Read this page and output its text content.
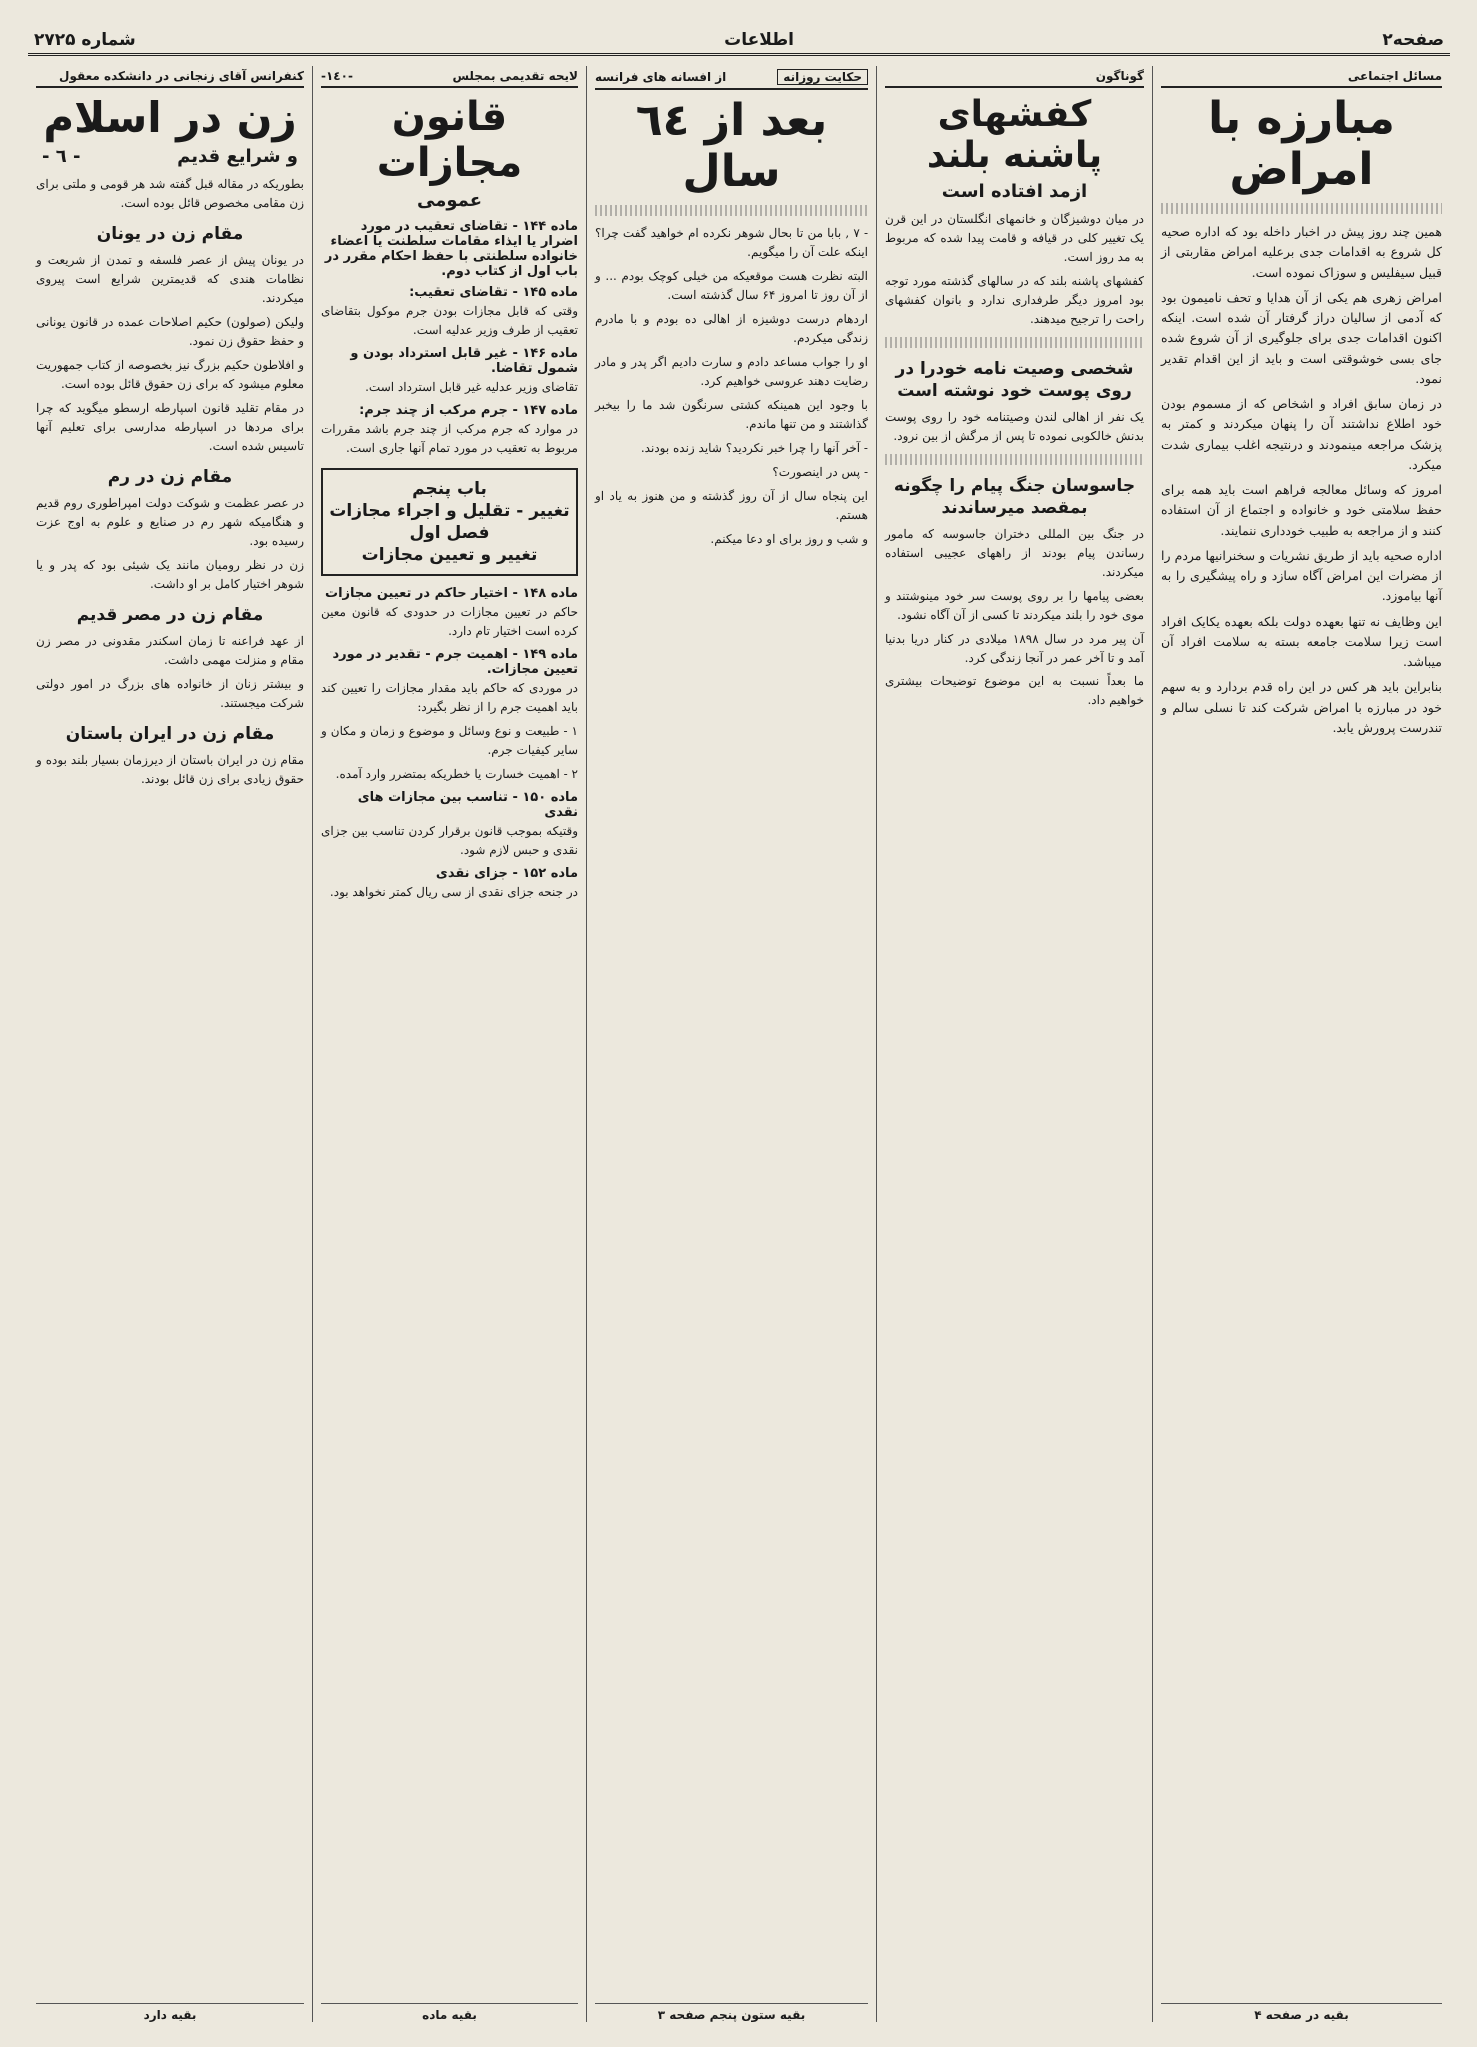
صفحه۲
اطلاعات
شماره ۲۷۲۵
مسائل اجتماعی
مبارزه با امراض

همین چند روز پیش در اخبار داخله بود که اداره صحیه کل شروع به اقدامات جدی برعلیه امراض مقاربتی از قبیل سیفلیس و سوزاک نموده است.

امراض زهری هم یکی از آن هدایا و تحف نامیمون بود که آدمی از سالیان دراز گرفتار آن شده است. اینکه اکنون اقدامات جدی برای جلوگیری از آن شروع شده جای بسی خوشوقتی است و باید از این اقدام تقدیر نمود.

در زمان سابق افراد و اشخاص که از مسموم بودن خود اطلاع نداشتند آن را پنهان میکردند و کمتر به پزشک مراجعه مینمودند و درنتیجه اغلب بیماری شدت میکرد.

امروز که وسائل معالجه فراهم است باید همه برای حفظ سلامتی خود و خانواده و اجتماع از آن استفاده کنند و از مراجعه به طبیب خودداری ننمایند.

اداره صحیه باید از طریق نشریات و سخنرانیها مردم را از مضرات این امراض آگاه سازد و راه پیشگیری را به آنها بیاموزد.

این وظایف نه تنها بعهده دولت بلکه بعهده یکایک افراد است زیرا سلامت جامعه بسته به سلامت افراد آن میباشد.

بنابراین باید هر کس در این راه قدم بردارد و به سهم خود در مبارزه با امراض شرکت کند تا نسلی سالم و تندرست پرورش یابد.

بقیه در صفحه ۴
گوناگون
کفشهای پاشنه بلند
ازمد افتاده است

در میان دوشیزگان و خانمهای انگلستان در این قرن یک تغییر کلی در قیافه و قامت پیدا شده که مربوط به مد روز است.

کفشهای پاشنه بلند که در سالهای گذشته مورد توجه بود امروز دیگر طرفداری ندارد و بانوان کفشهای راحت را ترجیح میدهند.

شخصی وصیت نامه خودرا در روی پوست خود نوشته است

یک نفر از اهالی لندن وصیتنامه خود را روی پوست بدنش خالکوبی نموده تا پس از مرگش از بین نرود.

جاسوسان جنگ پیام را چگونه بمقصد میرساندند

در جنگ بین المللی دختران جاسوسه که مامور رساندن پیام بودند از راههای عجیبی استفاده میکردند.

بعضی پیامها را بر روی پوست سر خود مینوشتند و موی خود را بلند میکردند تا کسی از آن آگاه نشود.

آن پیر مرد در سال ۱۸۹۸ میلادی در کنار دریا بدنیا آمد و تا آخر عمر در آنجا زندگی کرد.

ما بعداً نسبت به این موضوع توضیحات بیشتری خواهیم داد.

حکایت روزانه
از افسانه های فرانسه
بعد از ٦٤ سال

- ۷ , بابا من تا بحال شوهر نکرده ام خواهید گفت چرا؟ اینکه علت آن را میگویم.

البته نظرت هست موقعیکه من خیلی کوچک بودم ... و از آن روز تا امروز ۶۴ سال گذشته است.

اردهام درست دوشیزه از اهالی ده بودم و با مادرم زندگی میکردم.

او را جواب مساعد دادم و سارت دادیم اگر پدر و مادر رضایت دهند عروسی خواهیم کرد.

با وجود این همینکه کشتی سرنگون شد ما را بیخبر گذاشتند و من تنها ماندم.

- آخر آنها را چرا خبر نکردید؟ شاید زنده بودند.

- پس در اینصورت؟

این پنجاه سال از آن روز گذشته و من هنوز به یاد او هستم.

و شب و روز برای او دعا میکنم.

بقیه ستون پنجم صفحه ۳
لایحه تقدیمی بمجلس
-١٤٠-
قانون مجازات
عمومی
ماده ۱۴۴ - تقاضای تعقیب در مورد اضرار یا ایذاء مقامات سلطنت یا اعضاء خانواده سلطنتی با حفظ احکام مقرر در باب اول از کتاب دوم.
ماده ۱۴۵ - تقاضای تعقیب:

وقتی که قابل مجازات بودن جرم موکول بتقاضای تعقیب از طرف وزیر عدلیه است.

ماده ۱۴۶ - غیر قابل استرداد بودن و شمول تقاضا.

تقاضای وزیر عدلیه غیر قابل استرداد است.

ماده ۱۴۷ - جرم مرکب از چند جرم:

در موارد که جرم مرکب از چند جرم باشد مقررات مربوط به تعقیب در مورد تمام آنها جاری است.

باب پنجم
تغییر - تقلیل و اجراء مجازات
فصل اول
تغییر و تعیین مجازات
ماده ۱۴۸ - اختیار حاکم در تعیین مجازات

حاکم در تعیین مجازات در حدودی که قانون معین کرده است اختیار تام دارد.

ماده ۱۴۹ - اهمیت جرم - تقدیر در مورد تعیین مجازات.

در موردی که حاکم باید مقدار مجازات را تعیین کند باید اهمیت جرم را از نظر بگیرد:

۱ - طبیعت و نوع وسائل و موضوع و زمان و مکان و سایر کیفیات جرم.

۲ - اهمیت خسارت یا خطریکه بمتضرر وارد آمده.

ماده ۱۵۰ - تناسب بین مجازات های نقدی

وقتیکه بموجب قانون برقرار کردن تناسب بین جزای نقدی و حبس لازم شود.

ماده ۱۵۲ - جزای نقدی

در جنحه جزای نقدی از سی ریال کمتر نخواهد بود.

بقیه ماده
کنفرانس آقای زنجانی در دانشکده معقول
زن در اسلام
و شرایع قدیم
- ٦ -

بطوریکه در مقاله قبل گفته شد هر قومی و ملتی برای زن مقامی مخصوص قائل بوده است.

مقام زن در یونان

در یونان پیش از عصر فلسفه و تمدن از شریعت و نظامات هندی که قدیمترین شرایع است پیروی میکردند.

ولیکن (صولون) حکیم اصلاحات عمده در قانون یونانی و حفظ حقوق زن نمود.

و افلاطون حکیم بزرگ نیز بخصوصه از کتاب جمهوریت معلوم میشود که برای زن حقوق قائل بوده است.

در مقام تقلید قانون اسپارطه ارسطو میگوید که چرا برای مردها در اسپارطه مدارسی برای تعلیم آنها تاسیس شده است.

مقام زن در رم

در عصر عظمت و شوکت دولت امپراطوری روم قدیم و هنگامیکه شهر رم در صنایع و علوم به اوج عزت رسیده بود.

زن در نظر رومیان مانند یک شیئی بود که پدر و یا شوهر اختیار کامل بر او داشت.

مقام زن در مصر قدیم

از عهد فراعنه تا زمان اسکندر مقدونی در مصر زن مقام و منزلت مهمی داشت.

و بیشتر زنان از خانواده های بزرگ در امور دولتی شرکت میجستند.

مقام زن در ایران باستان

مقام زن در ایران باستان از دیرزمان بسیار بلند بوده و حقوق زیادی برای زن قائل بودند.

بقیه دارد
